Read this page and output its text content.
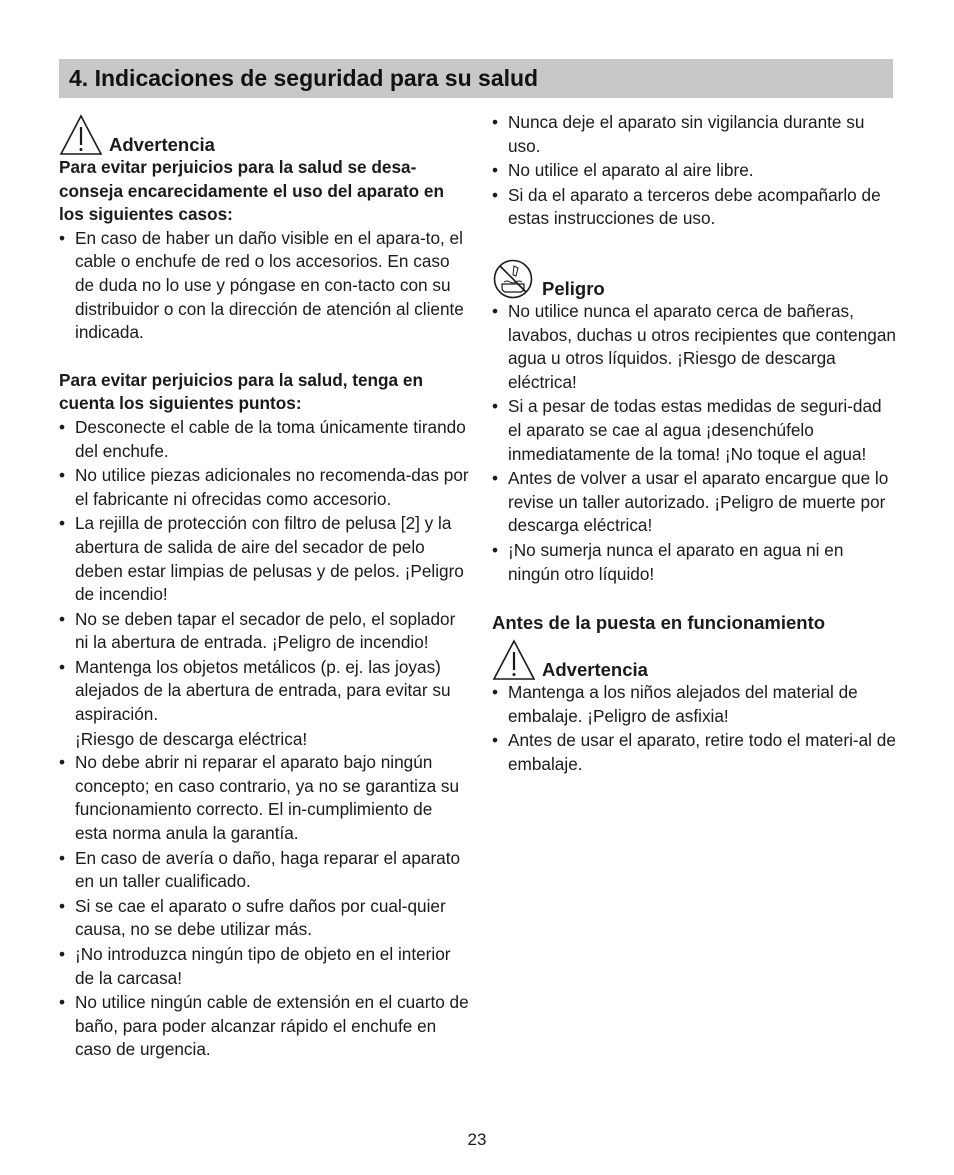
4. Indicaciones de seguridad para su salud
Advertencia

Para evitar perjuicios para la salud se desa-conseja encarecidamente el uso del aparato en los siguientes casos:

• En caso de haber un daño visible en el apara-to, el cable o enchufe de red o los accesorios. En caso de duda no lo use y póngase en con-tacto con su distribuidor o con la dirección de atención al cliente indicada.

Para evitar perjuicios para la salud, tenga en cuenta los siguientes puntos:

• Desconecte el cable de la toma únicamente tirando del enchufe.
• No utilice piezas adicionales no recomenda-das por el fabricante ni ofrecidas como accesorio.
• La rejilla de protección con filtro de pelusa [2] y la abertura de salida de aire del secador de pelo deben estar limpias de pelusas y de pelos. ¡Peligro de incendio!
• No se deben tapar el secador de pelo, el soplador ni la abertura de entrada. ¡Peligro de incendio!
• Mantenga los objetos metálicos (p. ej. las joyas) alejados de la abertura de entrada, para evitar su aspiración.
¡Riesgo de descarga eléctrica!
• No debe abrir ni reparar el aparato bajo ningún concepto; en caso contrario, ya no se garantiza su funcionamiento correcto. El in-cumplimiento de esta norma anula la garantía.
• En caso de avería o daño, haga reparar el aparato en un taller cualificado.
• Si se cae el aparato o sufre daños por cual-quier causa, no se debe utilizar más.
• ¡No introduzca ningún tipo de objeto en el interior de la carcasa!
• No utilice ningún cable de extensión en el cuarto de baño, para poder alcanzar rápido el enchufe en caso de urgencia.
• Nunca deje el aparato sin vigilancia durante su uso.
• No utilice el aparato al aire libre.
• Si da el aparato a terceros debe acompañarlo de estas instrucciones de uso.
Peligro
• No utilice nunca el aparato cerca de bañeras, lavabos, duchas u otros recipientes que contengan agua u otros líquidos. ¡Riesgo de descarga eléctrica!
• Si a pesar de todas estas medidas de seguri-dad el aparato se cae al agua ¡desenchúfelo inmediatamente de la toma! ¡No toque el agua!
• Antes de volver a usar el aparato encargue que lo revise un taller autorizado. ¡Peligro de muerte por descarga eléctrica!
• ¡No sumerja nunca el aparato en agua ni en ningún otro líquido!

Antes de la puesta en funcionamiento

Advertencia
• Mantenga a los niños alejados del material de embalaje. ¡Peligro de asfixia!
• Antes de usar el aparato, retire todo el materi-al de embalaje.
23
